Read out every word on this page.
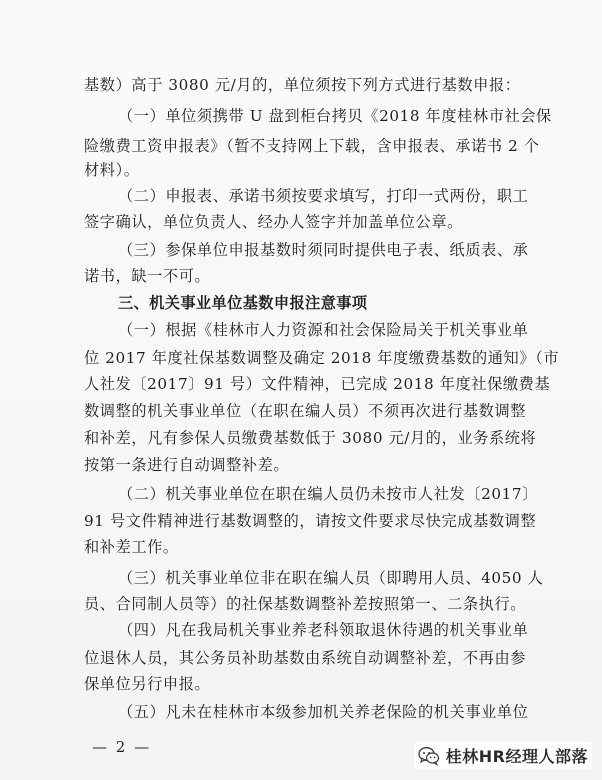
基数）高于 3080 元/月的，单位须按下列方式进行基数申报：
（一）单位须携带 U 盘到柜台拷贝《2018 年度桂林市社会保
险缴费工资申报表》（暂不支持网上下载，含申报表、承诺书 2 个
材料）。
（二）申报表、承诺书须按要求填写，打印一式两份，职工
签字确认，单位负责人、经办人签字并加盖单位公章。
（三）参保单位申报基数时须同时提供电子表、纸质表、承
诺书，缺一不可。
三、机关事业单位基数申报注意事项
（一）根据《桂林市人力资源和社会保险局关于机关事业单
位 2017 年度社保基数调整及确定 2018 年度缴费基数的通知》（市
人社发〔2017〕91 号）文件精神，已完成 2018 年度社保缴费基
数调整的机关事业单位（在职在编人员）不须再次进行基数调整
和补差，凡有参保人员缴费基数低于 3080 元/月的，业务系统将
按第一条进行自动调整补差。
（二）机关事业单位在职在编人员仍未按市人社发〔2017〕
91 号文件精神进行基数调整的，请按文件要求尽快完成基数调整
和补差工作。
（三）机关事业单位非在职在编人员（即聘用人员、4050 人
员、合同制人员等）的社保基数调整补差按照第一、二条执行。
（四）凡在我局机关事业养老科领取退休待遇的机关事业单
位退休人员，其公务员补助基数由系统自动调整补差，不再由参
保单位另行申报。
（五）凡未在桂林市本级参加机关养老保险的机关事业单位
— 2 —	桂林HR经理人部落
